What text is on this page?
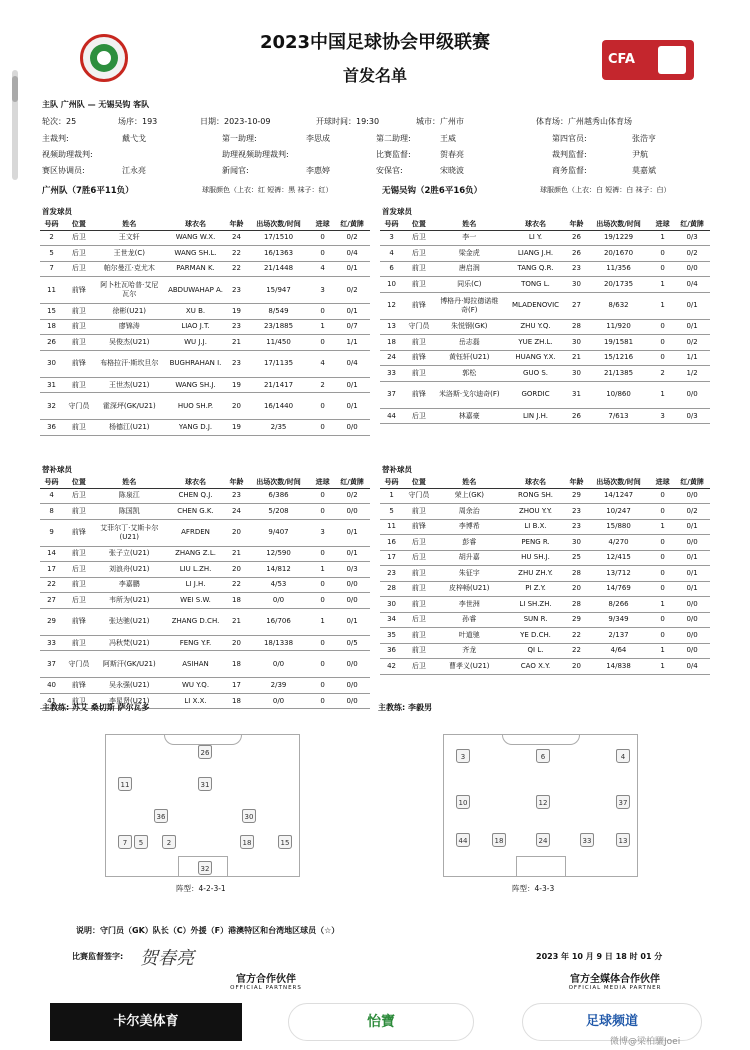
2023中国足球协会甲级联赛
首发名单
CFA
主队 广州队 — 无锡吴钩 客队
轮次：25	场序：193	日期：2023-10-09	开球时间：19:30	城市：广州市	体育场：广州越秀山体育场
主裁判:	戴弋戈	第一助理:	李思成	第二助理:	王威	第四官员:	张浩亨
视频助理裁判:	助理视频助理裁判:	比赛监督:	贺春亮	裁判监督:	尹航
赛区协调员:	江永亮	新闻官:	李惠婷	安保官:	宋晓波	商务监督:	莫嘉斌
广州队（7胜6平11负）	球服颜色（上衣：红 短裤：黑 袜子：红）	无锡吴钩（2胜6平16负）	球服颜色（上衣：白 短裤：白 袜子：白）
首发球员	首发球员
替补球员	替补球员
号码	位置	姓名	球衣名	年龄	出场次数/时间	进球	红/黄牌
2	后卫	王文轩	WANG W.X.	24	17/1510	0	0/2
5	后卫	王世龙(C)	WANG SH.L.	22	16/1363	0	0/4
7	后卫	帕尔曼江·克尤木	PARMAN K.	22	21/1448	4	0/1
11	前锋	阿卜杜瓦哈普·艾尼瓦尔	ABDUWAHAP A.	23	15/947	3	0/2
15	前卫	徐彬(U21)	XU B.	19	8/549	0	0/1
18	前卫	廖锦涛	LIAO J.T.	23	23/1885	1	0/7
26	前卫	吴俊杰(U21)	WU J.J.	21	11/450	0	1/1
30	前锋	布格拉汗·斯坎旦尔	BUGHRAHAN I.	23	17/1135	4	0/4
31	前卫	王世杰(U21)	WANG SH.J.	19	21/1417	2	0/1
32	守门员	霍深坪(GK/U21)	HUO SH.P.	20	16/1440	0	0/1
36	前卫	杨德江(U21)	YANG D.J.	19	2/35	0	0/0
号码	位置	姓名	球衣名	年龄	出场次数/时间	进球	红/黄牌
3	后卫	李一	LI Y.	26	19/1229	1	0/3
4	后卫	梁金虎	LIANG J.H.	26	20/1670	0	0/2
6	前卫	唐启润	TANG Q.R.	23	11/356	0	0/0
10	前卫	同乐(C)	TONG L.	30	20/1735	1	0/4
12	前锋	博格丹·姆拉德诺维奇(F)	MLADENOVIC	27	8/632	1	0/1
13	守门员	朱悦钢(GK)	ZHU Y.Q.	28	11/920	0	0/1
18	前卫	岳志磊	YUE ZH.L.	30	19/1581	0	0/2
24	前锋	黄钰轩(U21)	HUANG Y.X.	21	15/1216	0	1/1
33	前卫	郭松	GUO S.	30	21/1385	2	1/2
37	前锋	米洛斯·戈尔迪奇(F)	GORDIC	31	10/860	1	0/0
44	后卫	林嘉豪	LIN J.H.	26	7/613	3	0/3
号码	位置	姓名	球衣名	年龄	出场次数/时间	进球	红/黄牌
4	后卫	陈泉江	CHEN Q.J.	23	6/386	0	0/2
8	前卫	陈国凯	CHEN G.K.	24	5/208	0	0/0
9	前锋	艾菲尔丁·艾斯卡尔(U21)	AFRDEN	20	9/407	3	0/1
14	前卫	张子立(U21)	ZHANG Z.L.	21	12/590	0	0/1
17	后卫	刘浪舟(U21)	LIU L.ZH.	20	14/812	1	0/3
22	前卫	李嘉鹏	LI J.H.	22	4/53	0	0/0
27	后卫	韦所为(U21)	WEI S.W.	18	0/0	0	0/0
29	前锋	张达驰(U21)	ZHANG D.CH.	21	16/706	1	0/1
33	前卫	冯秋梵(U21)	FENG Y.F.	20	18/1338	0	0/5
37	守门员	阿斯汗(GK/U21)	ASIHAN	18	0/0	0	0/0
40	前锋	吴永强(U21)	WU Y.Q.	17	2/39	0	0/0
41	前卫	李星贤(U21)	LI X.X.	18	0/0	0	0/0
号码	位置	姓名	球衣名	年龄	出场次数/时间	进球	红/黄牌
1	守门员	荣上(GK)	RONG SH.	29	14/1247	0	0/0
5	前卫	周余治	ZHOU Y.Y.	23	10/247	0	0/2
11	前锋	李博希	LI B.X.	23	15/880	1	0/1
16	后卫	彭睿	PENG R.	30	4/270	0	0/0
17	后卫	胡升嘉	HU SH.J.	25	12/415	0	0/1
23	前卫	朱征宇	ZHU ZH.Y.	28	13/712	0	0/1
28	前卫	皮梓畅(U21)	PI Z.Y.	20	14/769	0	0/1
30	前卫	李世洲	LI SH.ZH.	28	8/266	1	0/0
34	后卫	孙睿	SUN R.	29	9/349	0	0/0
35	前卫	叶道驰	YE D.CH.	22	2/137	0	0/0
36	前卫	齐龙	QI L.	22	4/64	1	0/0
42	后卫	曹孝义(U21)	CAO X.Y.	20	14/838	1	0/4
主教练: 苏艾 桑切斯 萨尔瓦多	主教练: 李毅男
26
11	31
36	30
7	5	2	18	15
32
3	6	4
10	37
12
18	24
44	33	13
阵型：4-2-3-1	阵型：4-3-3
说明：守门员（GK）队长（C）外援（F）港澳特区和台湾地区球员（☆）
比赛监督签字: 贺春亮	2023 年 10 月 9 日 18 时 01 分
官方合作伙伴
OFFICIAL PARTNERS
官方全媒体合作伙伴
OFFICIAL MEDIA PARTNER
卡尔美体育	怡寶	足球频道
微博@梁柏驪Joei
